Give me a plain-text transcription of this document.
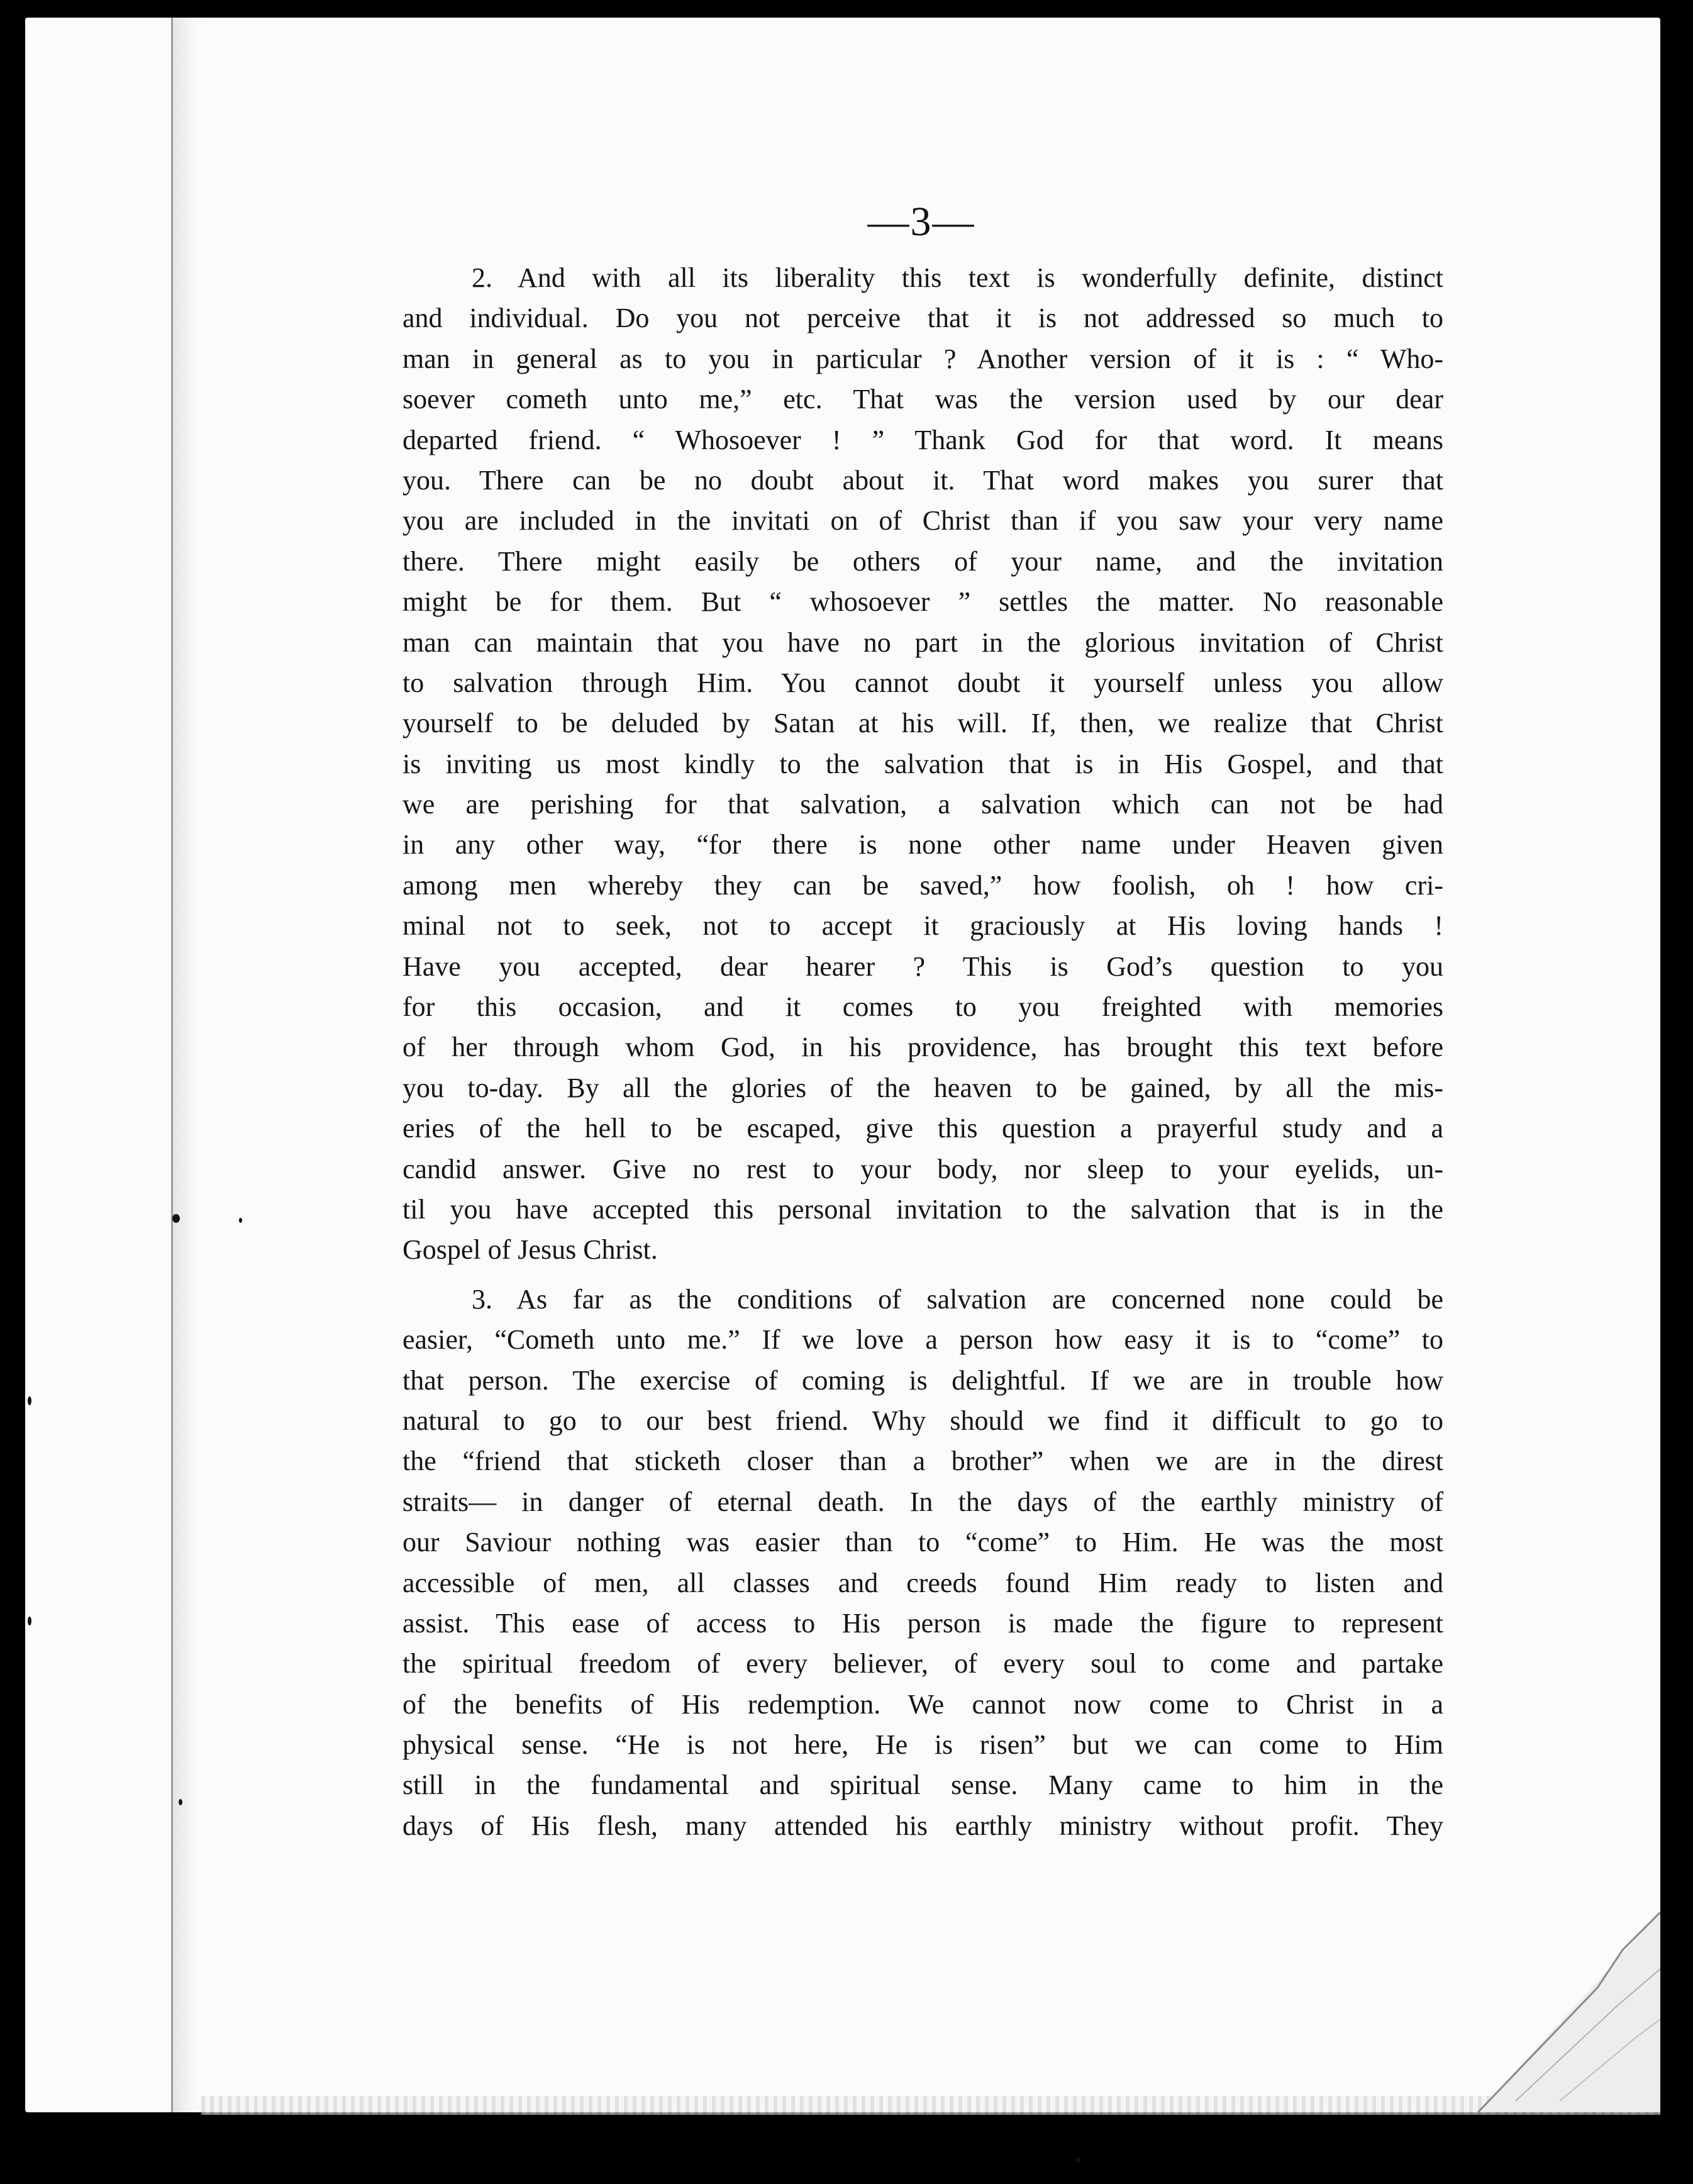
—3—
2. And with all its liberality this text is wonderfully definite, distinct
and individual. Do you not perceive that it is not addressed so much to
man in general as to you in particular ? Another version of it is : “ Who-
soever cometh unto me,” etc. That was the version used by our dear
departed friend. “ Whosoever ! ” Thank God for that word. It means
you. There can be no doubt about it. That word makes you surer that
you are included in the invitati on of Christ than if you saw your very name
there. There might easily be others of your name, and the invitation
might be for them. But “ whosoever ” settles the matter. No reasonable
man can maintain that you have no part in the glorious invitation of Christ
to salvation through Him. You cannot doubt it yourself unless you allow
yourself to be deluded by Satan at his will. If, then, we realize that Christ
is inviting us most kindly to the salvation that is in His Gospel, and that
we are perishing for that salvation, a salvation which can not be had
in any other way, “for there is none other name under Heaven given
among men whereby they can be saved,” how foolish, oh ! how cri-
minal not to seek, not to accept it graciously at His loving hands !
Have you accepted, dear hearer ? This is God’s question to you
for this occasion, and it comes to you freighted with memories
of her through whom God, in his providence, has brought this text before
you to-day. By all the glories of the heaven to be gained, by all the mis-
eries of the hell to be escaped, give this question a prayerful study and a
candid answer. Give no rest to your body, nor sleep to your eyelids, un-
til you have accepted this personal invitation to the salvation that is in the
Gospel of Jesus Christ.
3. As far as the conditions of salvation are concerned none could be
easier, “Cometh unto me.” If we love a person how easy it is to “come” to
that person. The exercise of coming is delightful. If we are in trouble how
natural to go to our best friend. Why should we find it difficult to go to
the “friend that sticketh closer than a brother” when we are in the direst
straits— in danger of eternal death. In the days of the earthly ministry of
our Saviour nothing was easier than to “come” to Him. He was the most
accessible of men, all classes and creeds found Him ready to listen and
assist. This ease of access to His person is made the figure to represent
the spiritual freedom of every believer, of every soul to come and partake
of the benefits of His redemption. We cannot now come to Christ in a
physical sense. “He is not here, He is risen” but we can come to Him
still in the fundamental and spiritual sense. Many came to him in the
days of His flesh, many attended his earthly ministry without profit. They
